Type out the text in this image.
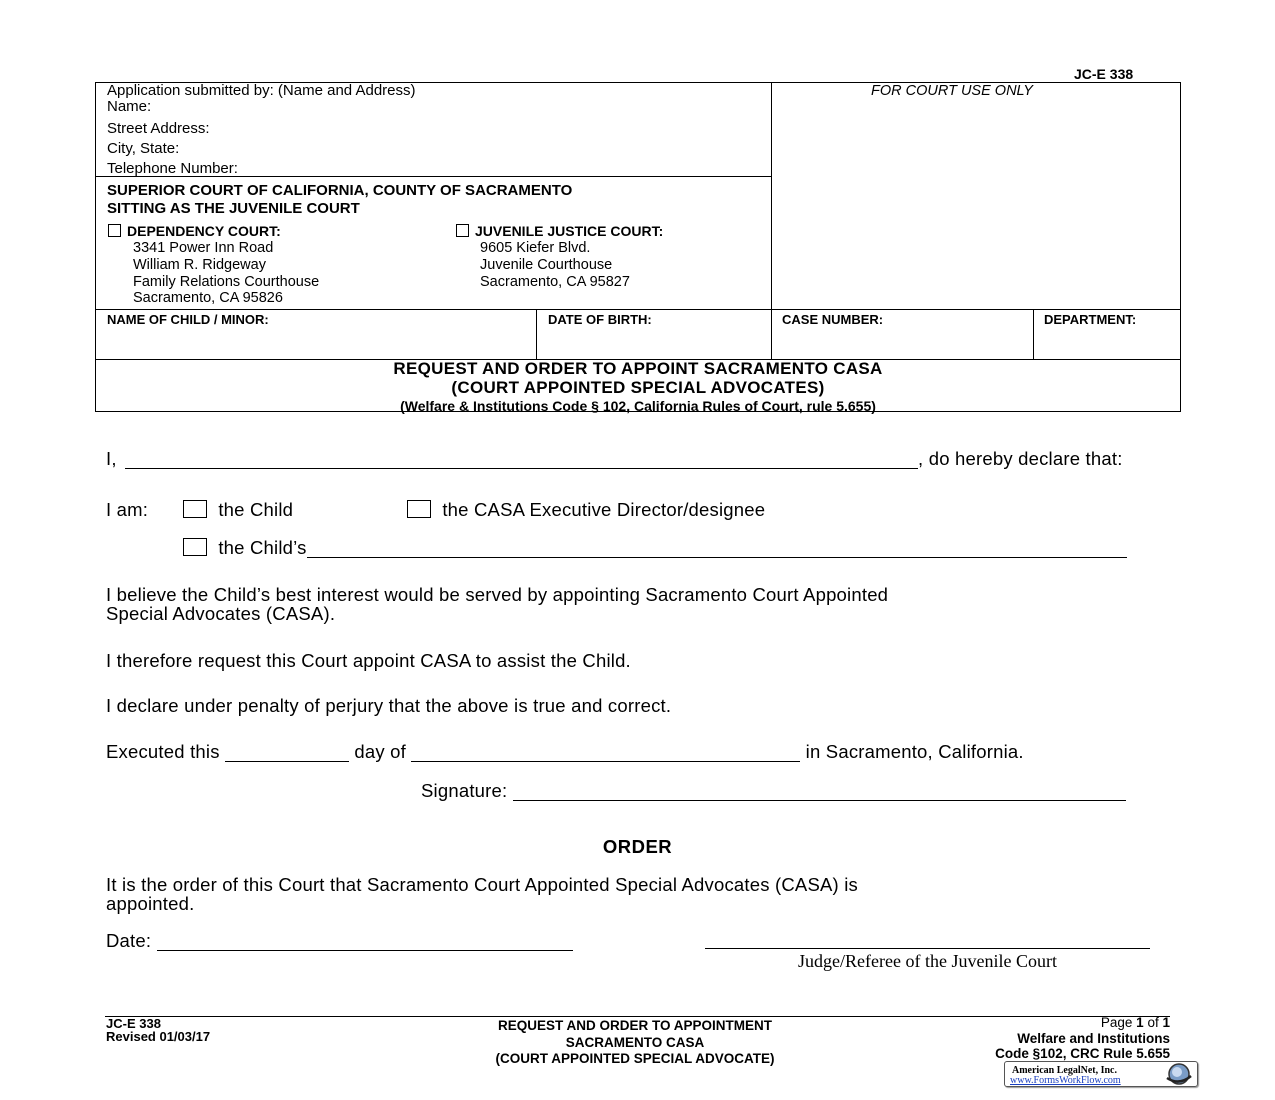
JC-E 338
Application submitted by: (Name and Address)
Name:
Street Address:
City, State:
Telephone Number:
FOR COURT USE ONLY
SUPERIOR COURT OF CALIFORNIA, COUNTY OF SACRAMENTO
SITTING AS THE JUVENILE COURT
DEPENDENCY COURT:
3341 Power Inn Road
William R. Ridgeway
Family Relations Courthouse
Sacramento, CA 95826
JUVENILE JUSTICE COURT:
9605 Kiefer Blvd.
Juvenile Courthouse
Sacramento, CA 95827
NAME OF CHILD / MINOR:	DATE OF BIRTH:	CASE NUMBER:	DEPARTMENT:
REQUEST AND ORDER TO APPOINT SACRAMENTO CASA
(COURT APPOINTED SPECIAL ADVOCATES)
(Welfare & Institutions Code § 102, California Rules of Court, rule 5.655)
I,	, do hereby declare that:
I am:	the Child	the CASA Executive Director/designee
the Child’s
I believe the Child’s best interest would be served by appointing Sacramento Court Appointed
Special Advocates (CASA).
I therefore request this Court appoint CASA to assist the Child.
I declare under penalty of perjury that the above is true and correct.
Executed this	day of	in Sacramento, California.
Signature:
ORDER
It is the order of this Court that Sacramento Court Appointed Special Advocates (CASA) is
appointed.
Date:
Judge/Referee of the Juvenile Court
JC-E 338
Revised 01/03/17
REQUEST AND ORDER TO APPOINTMENT
SACRAMENTO CASA
(COURT APPOINTED SPECIAL ADVOCATE)
Page 1 of 1
Welfare and Institutions
Code §102, CRC Rule 5.655
American LegalNet, Inc.
www.FormsWorkFlow.com
